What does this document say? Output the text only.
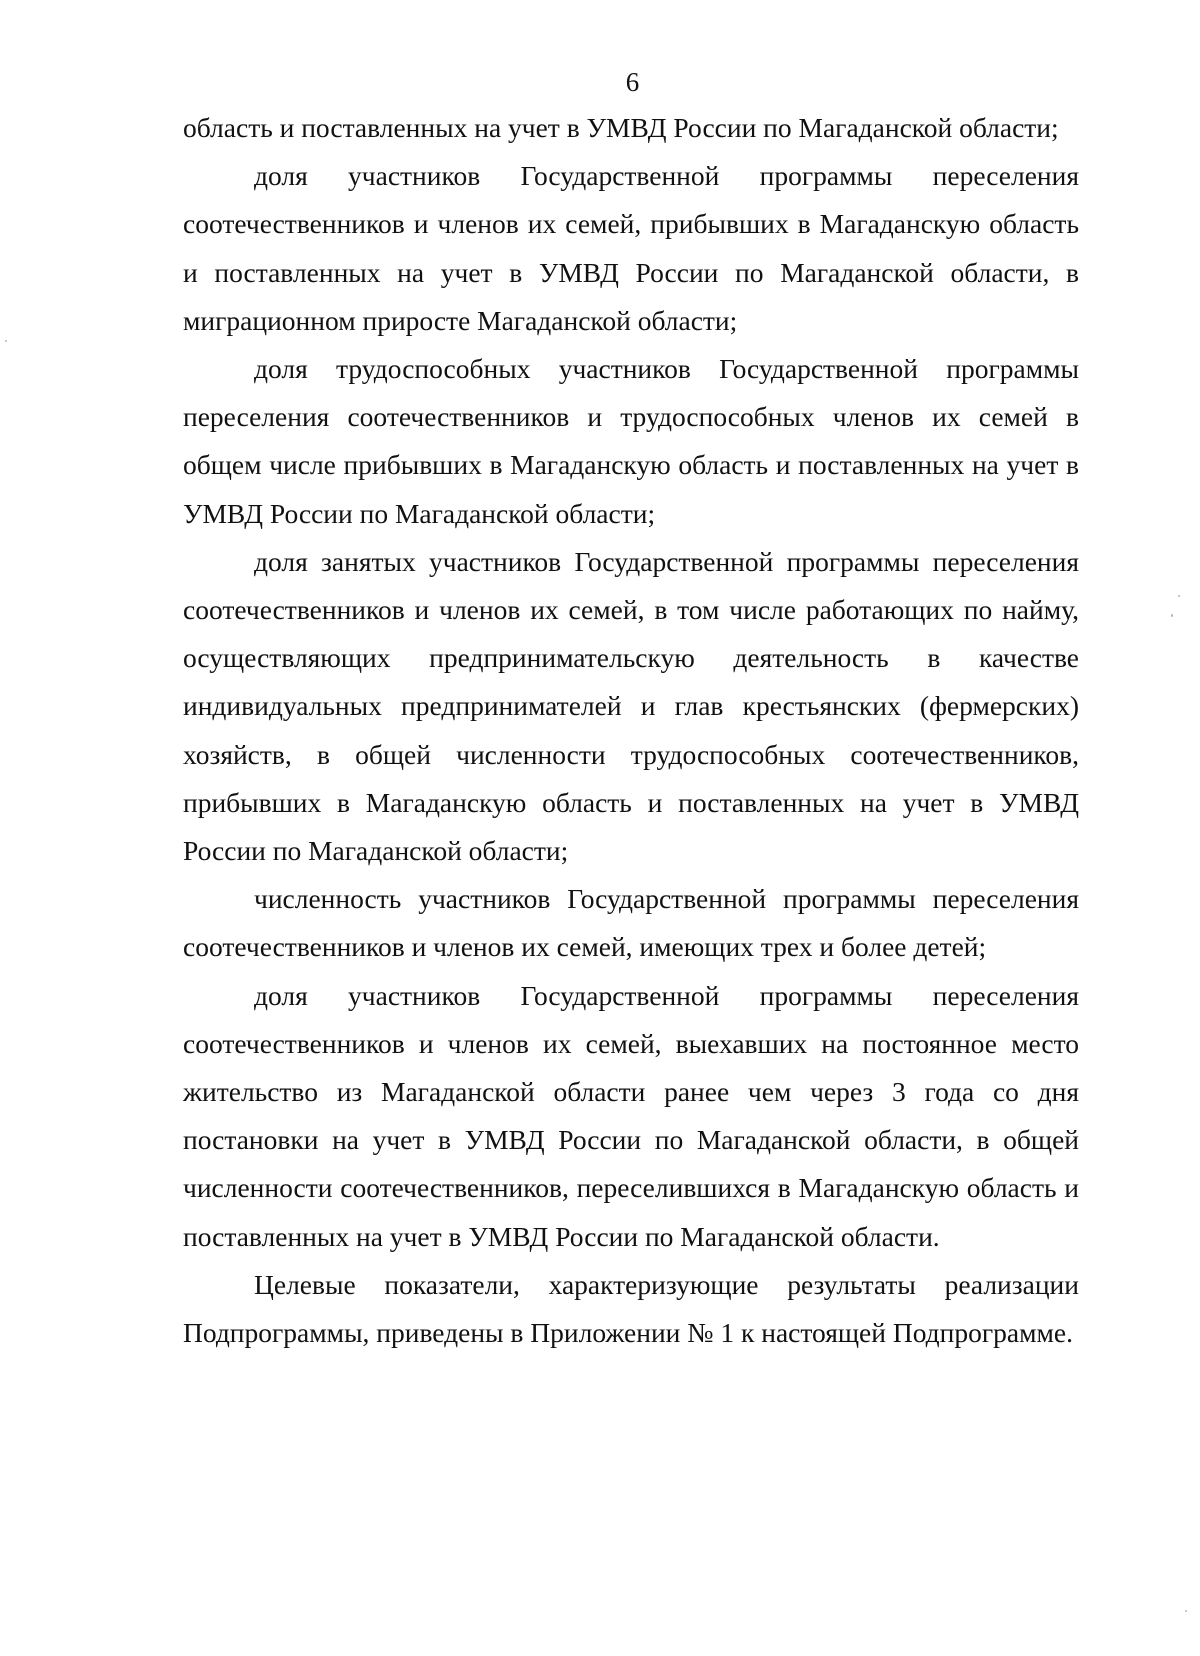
6

область и поставленных на учет в УМВД России по Магаданской области;

доля участников Государственной программы переселения соотечественников и членов их семей, прибывших в Магаданскую область и поставленных на учет в УМВД России по Магаданской области, в миграционном приросте Магаданской области;

доля трудоспособных участников Государственной программы переселения соотечественников и трудоспособных членов их семей в общем числе прибывших в Магаданскую область и поставленных на учет в УМВД России по Магаданской области;

доля занятых участников Государственной программы переселения соотечественников и членов их семей, в том числе работающих по найму, осуществляющих предпринимательскую деятельность в качестве индивидуальных предпринимателей и глав крестьянских (фермерских) хозяйств, в общей численности трудоспособных соотечественников, прибывших в Магаданскую область и поставленных на учет в УМВД России по Магаданской области;

численность участников Государственной программы переселения соотечественников и членов их семей, имеющих трех и более детей;

доля участников Государственной программы переселения соотечественников и членов их семей, выехавших на постоянное место жительство из Магаданской области ранее чем через 3 года со дня постановки на учет в УМВД России по Магаданской области, в общей численности соотечественников, переселившихся в Магаданскую область и поставленных на учет в УМВД России по Магаданской области.

Целевые показатели, характеризующие результаты реализации Подпрограммы, приведены в Приложении № 1 к настоящей Подпрограмме.
